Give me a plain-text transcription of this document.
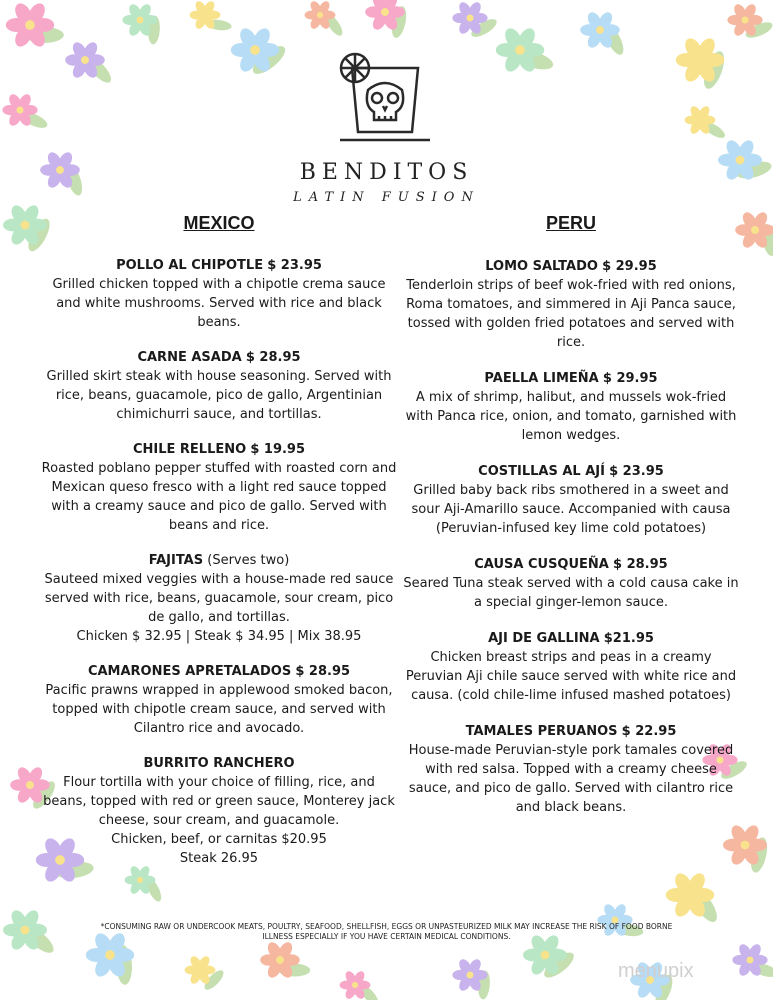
BENDITOS
LATIN FUSION
MEXICO
POLLO AL CHIPOTLE $ 23.95

Grilled chicken topped with a chipotle crema sauce and white mushrooms. Served with rice and black beans.

CARNE ASADA $ 28.95

Grilled skirt steak with house seasoning. Served with rice, beans, guacamole, pico de gallo, Argentinian chimichurri sauce, and tortillas.

CHILE RELLENO $ 19.95

Roasted poblano pepper stuffed with roasted corn and Mexican queso fresco with a light red sauce topped with a creamy sauce and pico de gallo. Served with beans and rice.

FAJITAS (Serves two)

Sauteed mixed veggies with a house-made red sauce served with rice, beans, guacamole, sour cream, pico de gallo, and tortillas.

Chicken $ 32.95 | Steak $ 34.95 | Mix 38.95
CAMARONES APRETALADOS $ 28.95

Pacific prawns wrapped in applewood smoked bacon, topped with chipotle cream sauce, and served with Cilantro rice and avocado.

BURRITO RANCHERO

Flour tortilla with your choice of filling, rice, and beans, topped with red or green sauce, Monterey jack cheese, sour cream, and guacamole.

Chicken, beef, or carnitas $20.95
Steak 26.95
PERU
LOMO SALTADO $ 29.95

Tenderloin strips of beef wok-fried with red onions, Roma tomatoes, and simmered in Aji Panca sauce, tossed with golden fried potatoes and served with rice.

PAELLA LIMEÑA $ 29.95

A mix of shrimp, halibut, and mussels wok-fried with Panca rice, onion, and tomato, garnished with lemon wedges.

COSTILLAS AL AJÍ $ 23.95

Grilled baby back ribs smothered in a sweet and sour Aji-Amarillo sauce. Accompanied with causa (Peruvian-infused key lime cold potatoes)

CAUSA CUSQUEÑA $ 28.95

Seared Tuna steak served with a cold causa cake in a special ginger-lemon sauce.

AJI DE GALLINA $21.95

Chicken breast strips and peas in a creamy Peruvian Aji chile sauce served with white rice and causa. (cold chile-lime infused mashed potatoes)

TAMALES PERUANOS $ 22.95

House-made Peruvian-style pork tamales covered with red salsa. Topped with a creamy cheese sauce, and pico de gallo. Served with cilantro rice and black beans.

*CONSUMING RAW OR UNDERCOOK MEATS, POULTRY, SEAFOOD, SHELLFISH, EGGS OR UNPASTEURIZED MILK MAY INCREASE THE RISK OF FOOD BORNE ILLNESS ESPECIALLY IF YOU HAVE CERTAIN MEDICAL CONDITIONS.
menupix
